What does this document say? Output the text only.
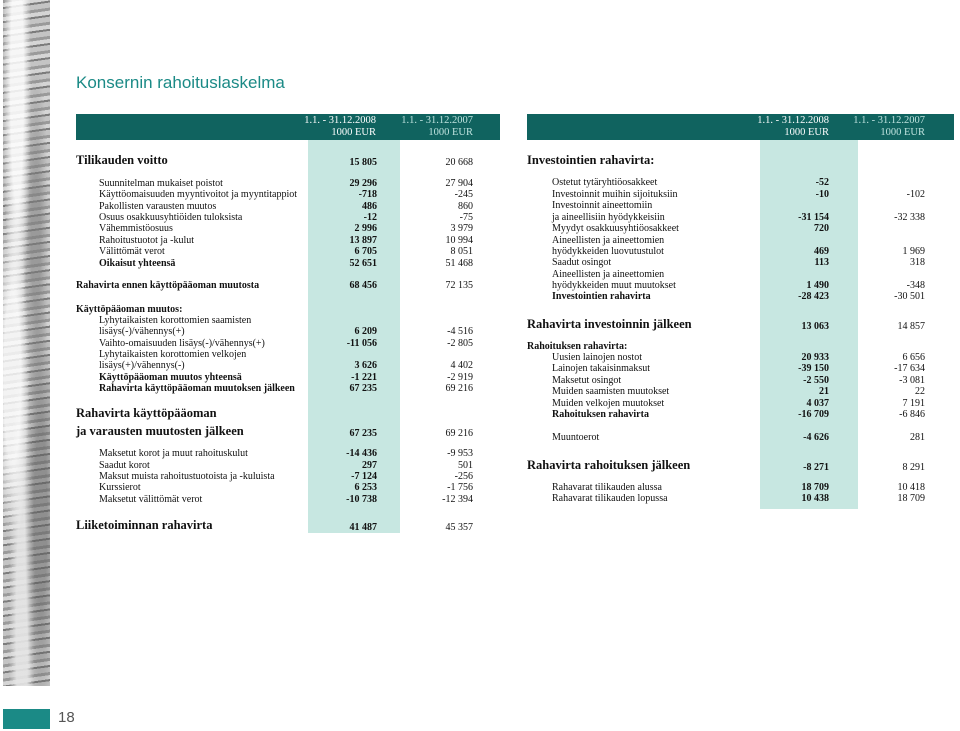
Konsernin rahoituslaskelma
1.1. - 31.12.2008
1000 EUR
1.1. - 31.12.2007
1000 EUR
Tilikauden voitto	15 805	20 668
Suunnitelman mukaiset poistot	29 296	27 904
Käyttöomaisuuden myyntivoitot ja myyntitappiot	-718	-245
Pakollisten varausten muutos	486	860
Osuus osakkuusyhtiöiden tuloksista	-12	-75
Vähemmistöosuus	2 996	3 979
Rahoitustuotot ja -kulut	13 897	10 994
Välittömät verot	6 705	8 051
Oikaisut yhteensä	52 651	51 468
Rahavirta ennen käyttöpääoman muutosta	68 456	72 135
Käyttöpääoman muutos:
Lyhytaikaisten korottomien saamisten
lisäys(-)/vähennys(+)	6 209	-4 516
Vaihto-omaisuuden lisäys(-)/vähennys(+)	-11 056	-2 805
Lyhytaikaisten korottomien velkojen
lisäys(+)/vähennys(-)	3 626	4 402
Käyttöpääoman muutos yhteensä	-1 221	-2 919
Rahavirta käyttöpääoman muutoksen jälkeen	67 235	69 216
Rahavirta käyttöpääoman
ja varausten muutosten jälkeen	67 235	69 216
Maksetut korot ja muut rahoituskulut	-14 436	-9 953
Saadut korot	297	501
Maksut muista rahoitustuotoista ja -kuluista	-7 124	-256
Kurssierot	6 253	-1 756
Maksetut välittömät verot	-10 738	-12 394
Liiketoiminnan rahavirta	41 487	45 357
1.1. - 31.12.2008
1000 EUR
1.1. - 31.12.2007
1000 EUR
Investointien rahavirta:
Ostetut tytäryhtiöosakkeet	-52
Investoinnit muihin sijoituksiin	-10	-102
Investoinnit aineettomiin
ja aineellisiin hyödykkeisiin	-31 154	-32 338
Myydyt osakkuusyhtiöosakkeet	720
Aineellisten ja aineettomien
hyödykkeiden luovutustulot	469	1 969
Saadut osingot	113	318
Aineellisten ja aineettomien
hyödykkeiden muut muutokset	1 490	-348
Investointien rahavirta	-28 423	-30 501
Rahavirta investoinnin jälkeen	13 063	14 857
Rahoituksen rahavirta:
Uusien lainojen nostot	20 933	6 656
Lainojen takaisinmaksut	-39 150	-17 634
Maksetut osingot	-2 550	-3 081
Muiden saamisten muutokset	21	22
Muiden velkojen muutokset	4 037	7 191
Rahoituksen rahavirta	-16 709	-6 846
Muuntoerot	-4 626	281
Rahavirta rahoituksen jälkeen	-8 271	8 291
Rahavarat tilikauden alussa	18 709	10 418
Rahavarat tilikauden lopussa	10 438	18 709
18
